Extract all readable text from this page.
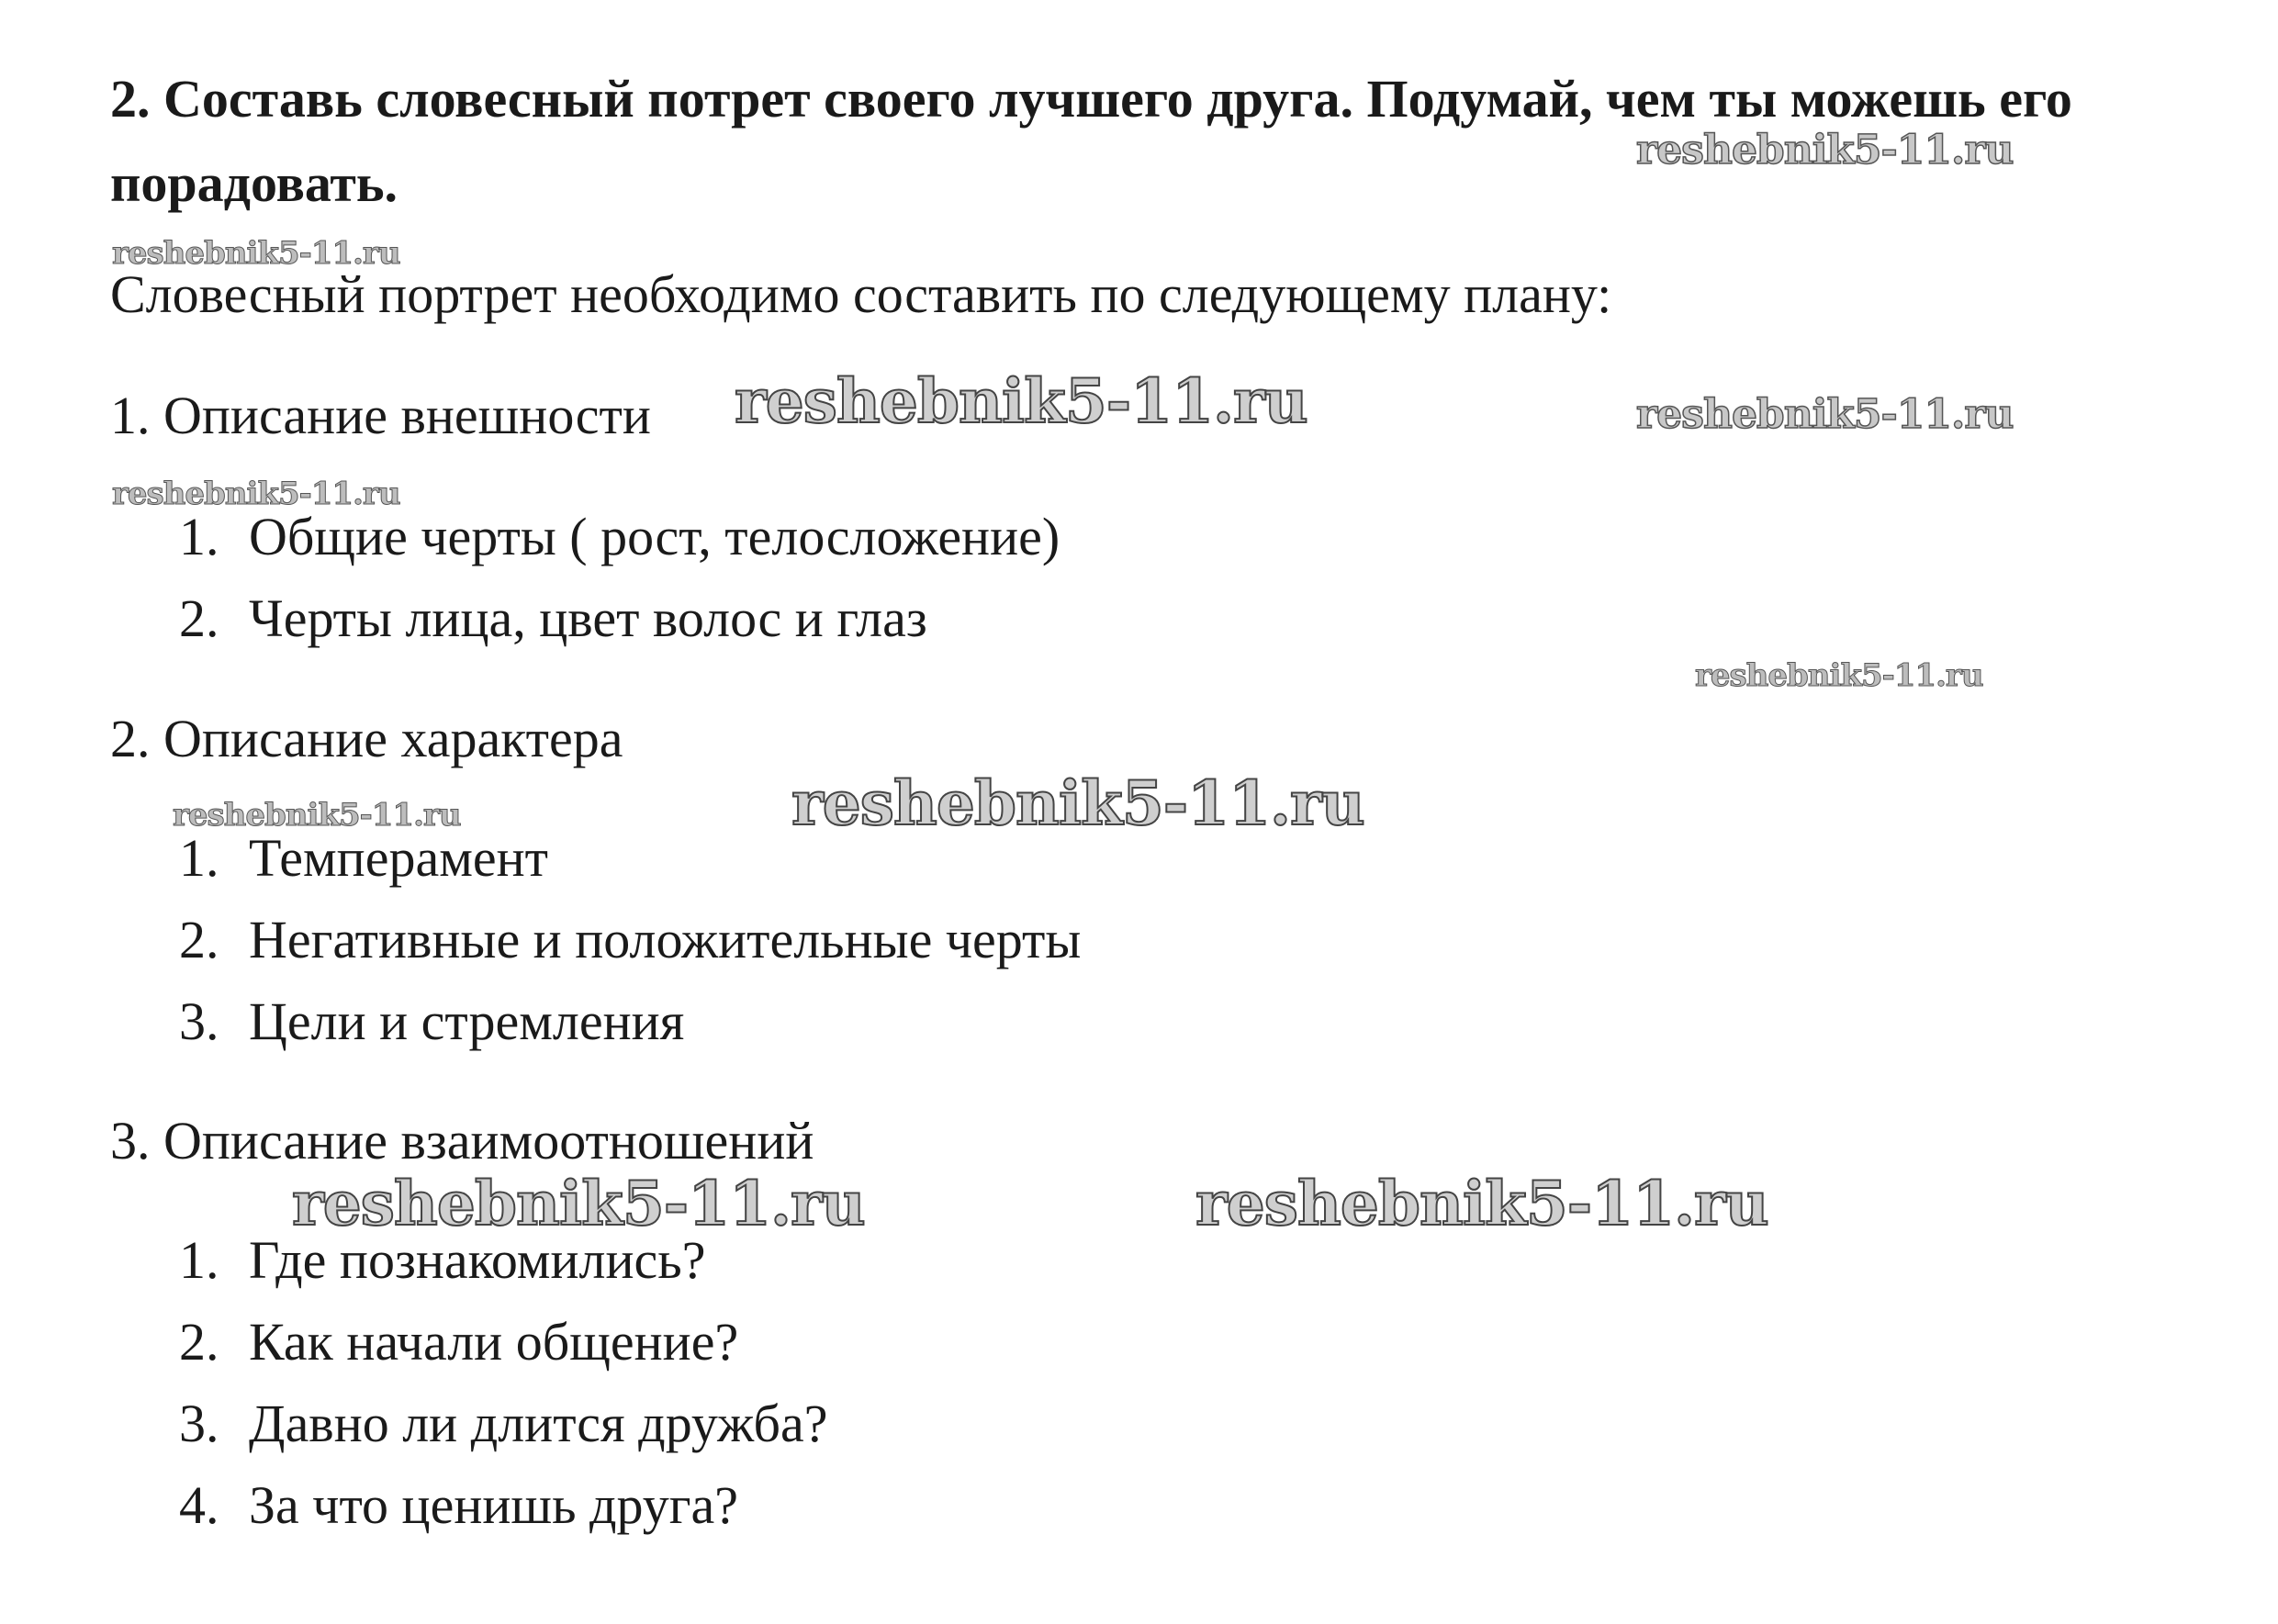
2. Составь словесный потрет своего лучшего друга. Подумай, чем ты можешь его порадовать.

Словесный портрет необходимо составить по следующему плану:

1. Описание внешности

1. Общие черты ( рост, телосложение)
2. Черты лица, цвет волос и глаз

2. Описание характера

1. Темперамент
2. Негативные и положительные черты
3. Цели и стремления

3. Описание взаимоотношений

1. Где познакомились?
2. Как начали общение?
3. Давно ли длится дружба?
4. За что ценишь друга?
reshebnik5-11.ru
reshebnik5-11.ru
reshebnik5-11.ru	reshebnik5-11.ru
reshebnik5-11.ru
reshebnik5-11.ru
reshebnik5-11.ru	reshebnik5-11.ru
reshebnik5-11.ru	reshebnik5-11.ru
